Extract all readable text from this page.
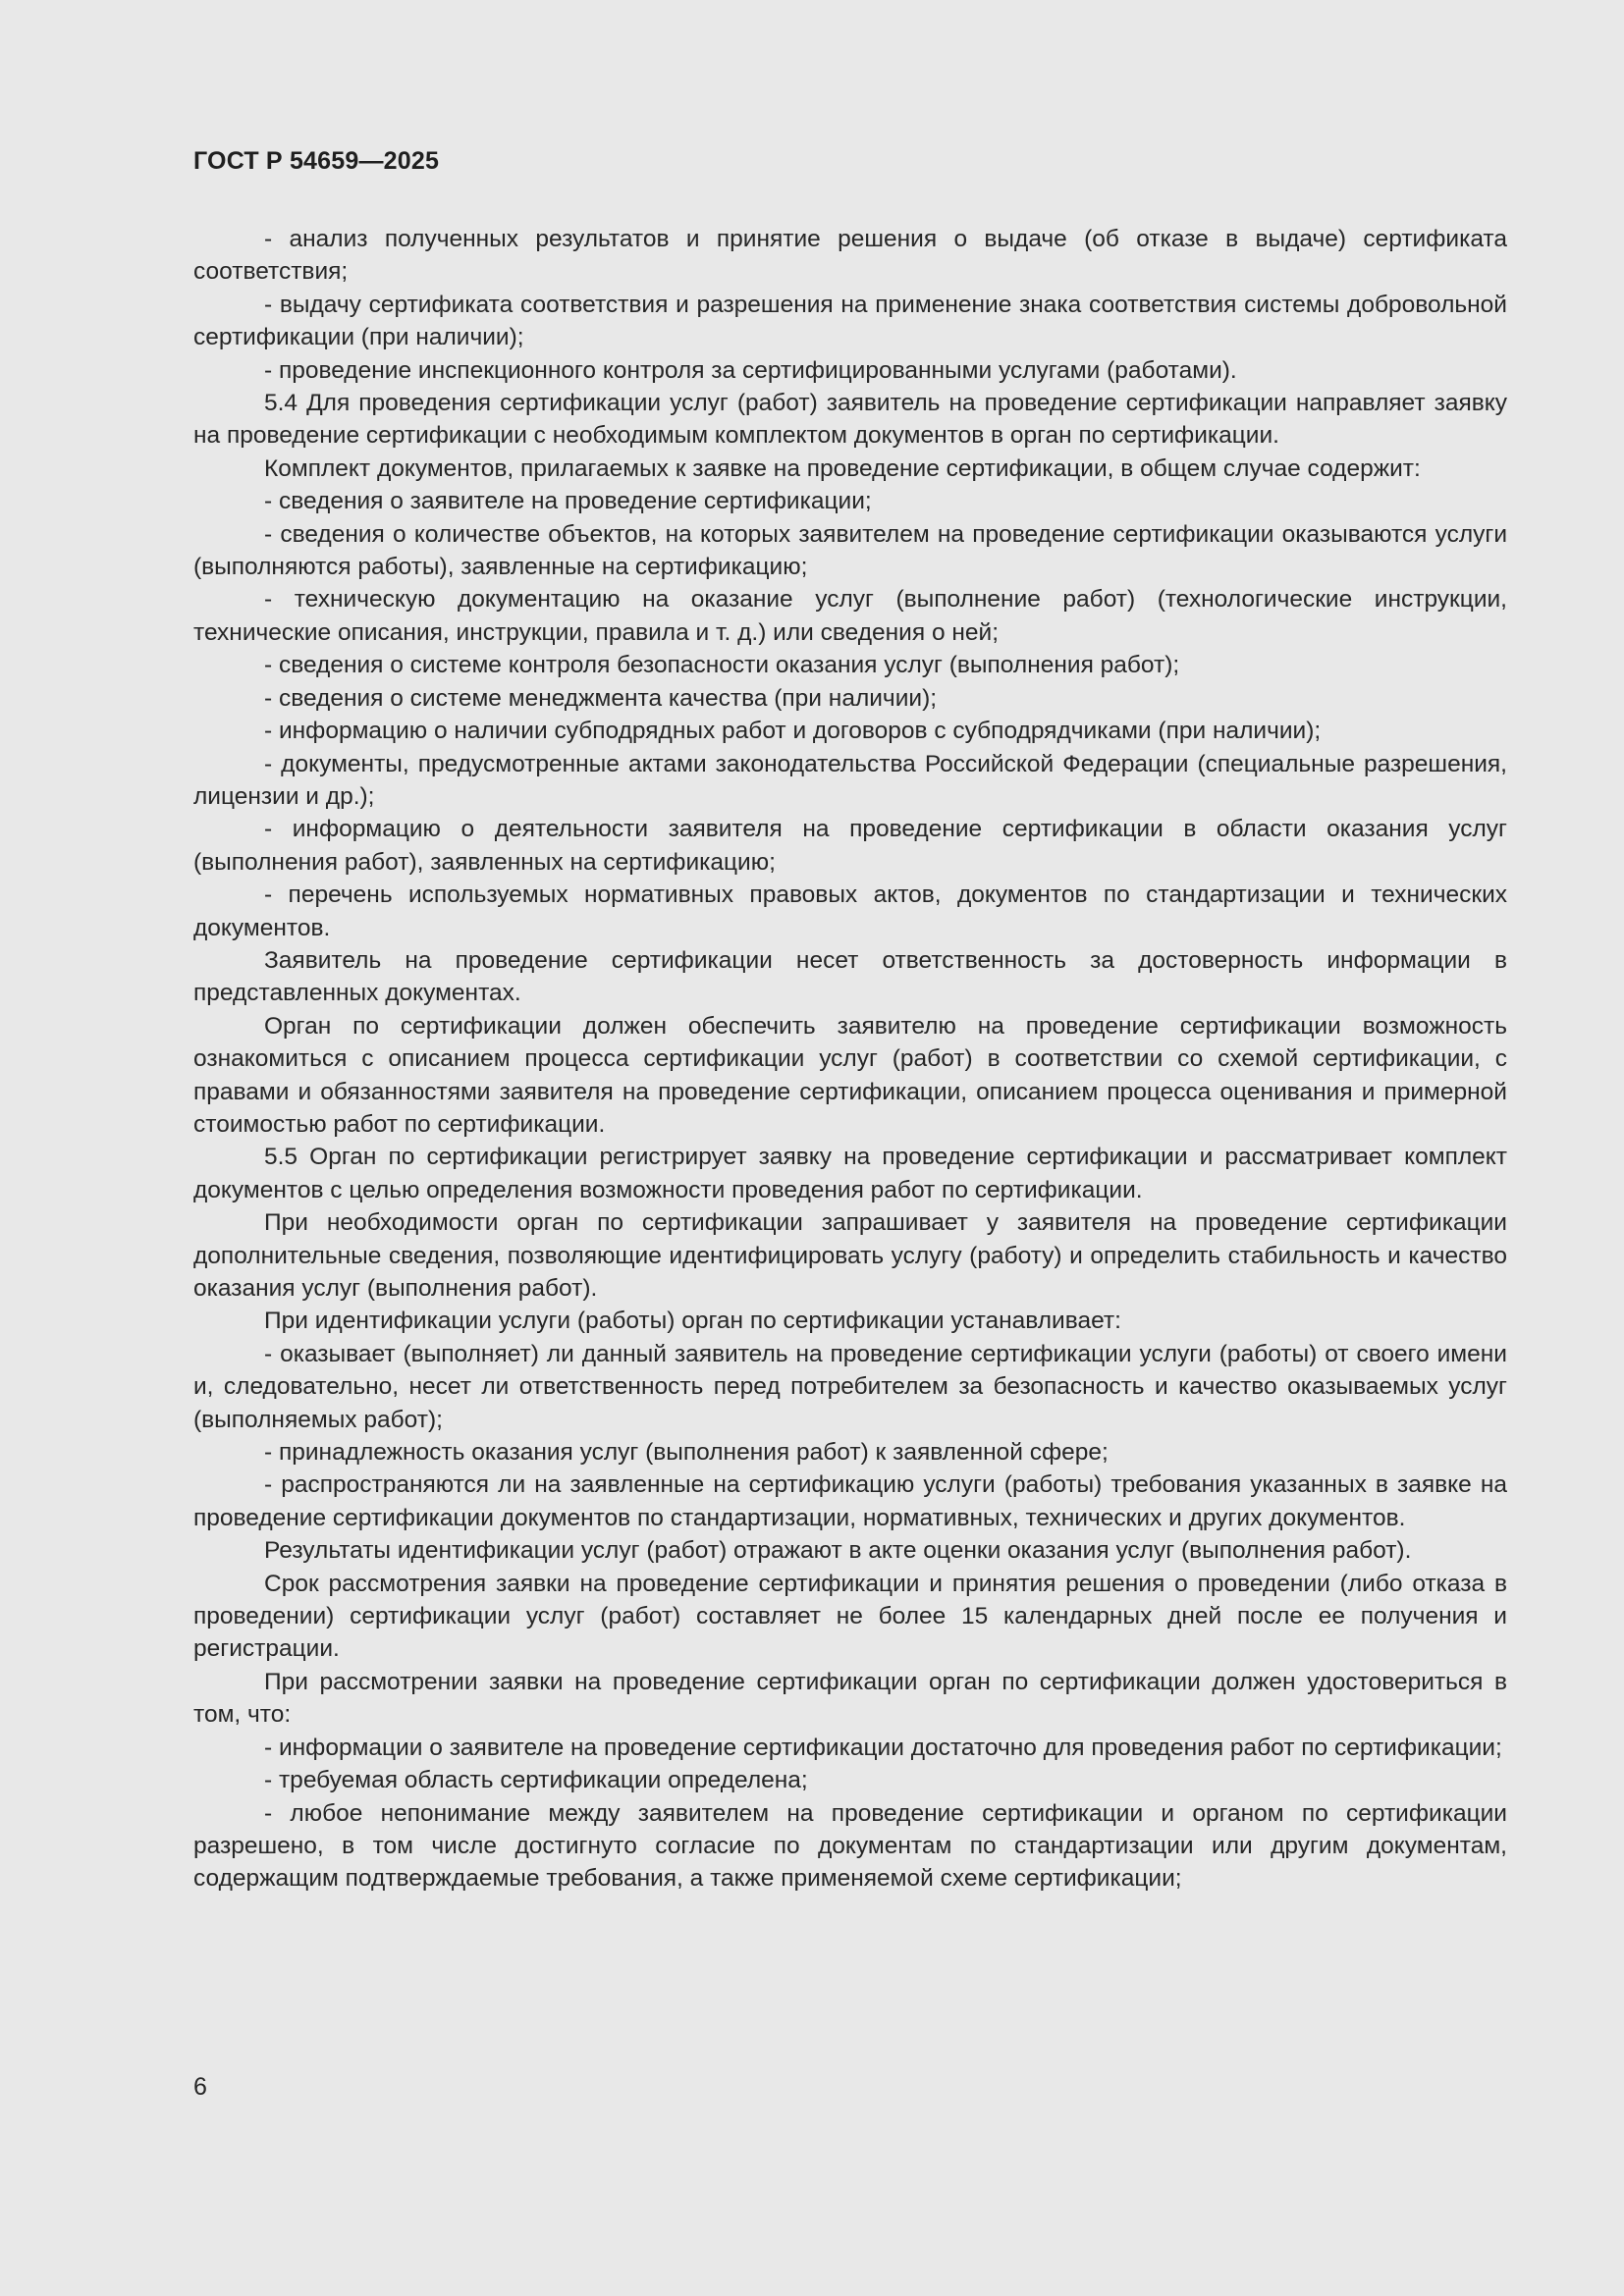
ГОСТ Р 54659—2025

- анализ полученных результатов и принятие решения о выдаче (об отказе в выдаче) сертификата соответствия;

- выдачу сертификата соответствия и разрешения на применение знака соответствия системы добровольной сертификации (при наличии);

- проведение инспекционного контроля за сертифицированными услугами (работами).

5.4 Для проведения сертификации услуг (работ) заявитель на проведение сертификации направляет заявку на проведение сертификации с необходимым комплектом документов в орган по сертификации.

Комплект документов, прилагаемых к заявке на проведение сертификации, в общем случае содержит:

- сведения о заявителе на проведение сертификации;

- сведения о количестве объектов, на которых заявителем на проведение сертификации оказываются услуги (выполняются работы), заявленные на сертификацию;

- техническую документацию на оказание услуг (выполнение работ) (технологические инструкции, технические описания, инструкции, правила и т. д.) или сведения о ней;

- сведения о системе контроля безопасности оказания услуг (выполнения работ);

- сведения о системе менеджмента качества (при наличии);

- информацию о наличии субподрядных работ и договоров с субподрядчиками (при наличии);

- документы, предусмотренные актами законодательства Российской Федерации (специальные разрешения, лицензии и др.);

- информацию о деятельности заявителя на проведение сертификации в области оказания услуг (выполнения работ), заявленных на сертификацию;

- перечень используемых нормативных правовых актов, документов по стандартизации и технических документов.

Заявитель на проведение сертификации несет ответственность за достоверность информации в представленных документах.

Орган по сертификации должен обеспечить заявителю на проведение сертификации возможность ознакомиться с описанием процесса сертификации услуг (работ) в соответствии со схемой сертификации, с правами и обязанностями заявителя на проведение сертификации, описанием процесса оценивания и примерной стоимостью работ по сертификации.

5.5 Орган по сертификации регистрирует заявку на проведение сертификации и рассматривает комплект документов с целью определения возможности проведения работ по сертификации.

При необходимости орган по сертификации запрашивает у заявителя на проведение сертификации дополнительные сведения, позволяющие идентифицировать услугу (работу) и определить стабильность и качество оказания услуг (выполнения работ).

При идентификации услуги (работы) орган по сертификации устанавливает:

- оказывает (выполняет) ли данный заявитель на проведение сертификации услуги (работы) от своего имени и, следовательно, несет ли ответственность перед потребителем за безопасность и качество оказываемых услуг (выполняемых работ);

- принадлежность оказания услуг (выполнения работ) к заявленной сфере;

- распространяются ли на заявленные на сертификацию услуги (работы) требования указанных в заявке на проведение сертификации документов по стандартизации, нормативных, технических и других документов.

Результаты идентификации услуг (работ) отражают в акте оценки оказания услуг (выполнения работ).

Срок рассмотрения заявки на проведение сертификации и принятия решения о проведении (либо отказа в проведении) сертификации услуг (работ) составляет не более 15 календарных дней после ее получения и регистрации.

При рассмотрении заявки на проведение сертификации орган по сертификации должен удостовериться в том, что:

- информации о заявителе на проведение сертификации достаточно для проведения работ по сертификации;

- требуемая область сертификации определена;

- любое непонимание между заявителем на проведение сертификации и органом по сертификации разрешено, в том числе достигнуто согласие по документам по стандартизации или другим документам, содержащим подтверждаемые требования, а также применяемой схеме сертификации;

6
